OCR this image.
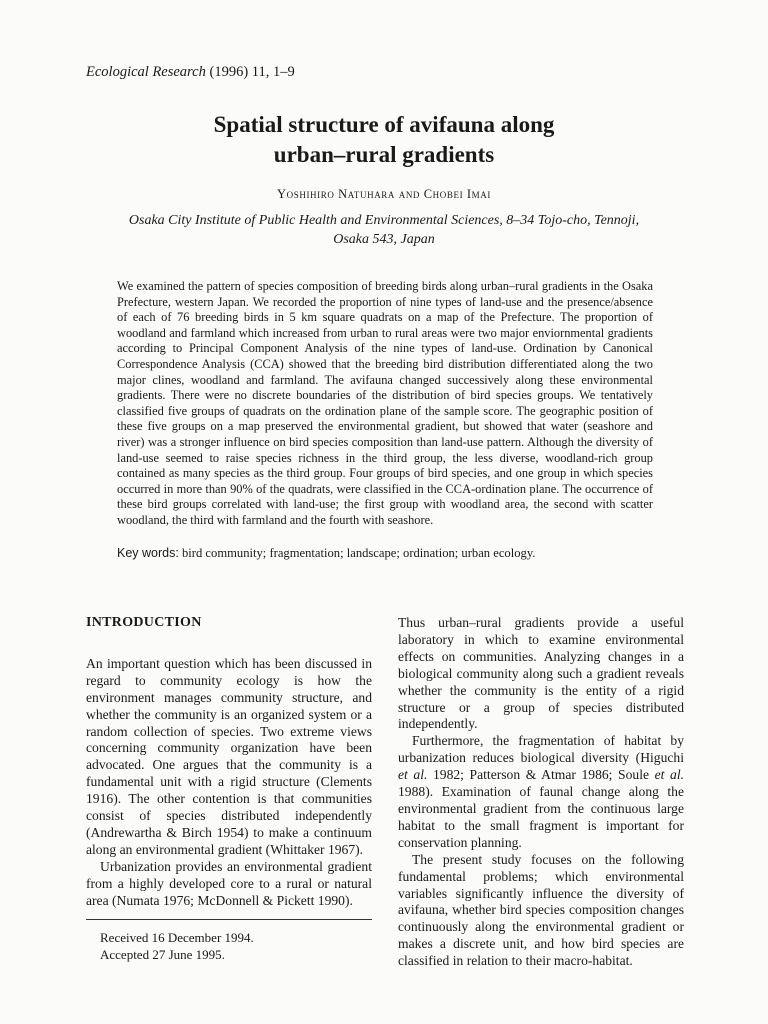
Ecological Research (1996) 11, 1–9
Spatial structure of avifauna along
urban–rural gradients
Yoshihiro Natuhara and Chobei Imai
Osaka City Institute of Public Health and Environmental Sciences, 8–34 Tojo-cho, Tennoji,
Osaka 543, Japan

We examined the pattern of species composition of breeding birds along urban–rural gradients in the Osaka Prefecture, western Japan. We recorded the proportion of nine types of land-use and the presence/absence of each of 76 breeding birds in 5 km square quadrats on a map of the Prefecture. The proportion of woodland and farmland which increased from urban to rural areas were two major enviornmental gradients according to Principal Component Analysis of the nine types of land-use. Ordination by Canonical Correspondence Analysis (CCA) showed that the breeding bird distribution differentiated along the two major clines, woodland and farmland. The avifauna changed successively along these environmental gradients. There were no discrete boundaries of the distribution of bird species groups. We tentatively classified five groups of quadrats on the ordination plane of the sample score. The geographic position of these five groups on a map preserved the environmental gradient, but showed that water (seashore and river) was a stronger influence on bird species composition than land-use pattern. Although the diversity of land-use seemed to raise species richness in the third group, the less diverse, woodland-rich group contained as many species as the third group. Four groups of bird species, and one group in which species occurred in more than 90% of the quadrats, were classified in the CCA-ordination plane. The occurrence of these bird groups correlated with land-use; the first group with woodland area, the second with scatter woodland, the third with farmland and the fourth with seashore.

Key words: bird community; fragmentation; landscape; ordination; urban ecology.

INTRODUCTION

An important question which has been discussed in regard to community ecology is how the environment manages community structure, and whether the community is an organized system or a random collection of species. Two extreme views concerning community organization have been advocated. One argues that the community is a fundamental unit with a rigid structure (Clements 1916). The other contention is that communities consist of species distributed independently (Andrewartha & Birch 1954) to make a continuum along an environmental gradient (Whittaker 1967).

Urbanization provides an environmental gradient from a highly developed core to a rural or natural area (Numata 1976; McDonnell & Pickett 1990).

Received 16 December 1994.
Accepted 27 June 1995.

Thus urban–rural gradients provide a useful laboratory in which to examine environmental effects on communities. Analyzing changes in a biological community along such a gradient reveals whether the community is the entity of a rigid structure or a group of species distributed independently.

Furthermore, the fragmentation of habitat by urbanization reduces biological diversity (Higuchi et al. 1982; Patterson & Atmar 1986; Soule et al. 1988). Examination of faunal change along the environmental gradient from the continuous large habitat to the small fragment is important for conservation planning.

The present study focuses on the following fundamental problems; which environmental variables significantly influence the diversity of avifauna, whether bird species composition changes continuously along the environmental gradient or makes a discrete unit, and how bird species are classified in relation to their macro-habitat.
